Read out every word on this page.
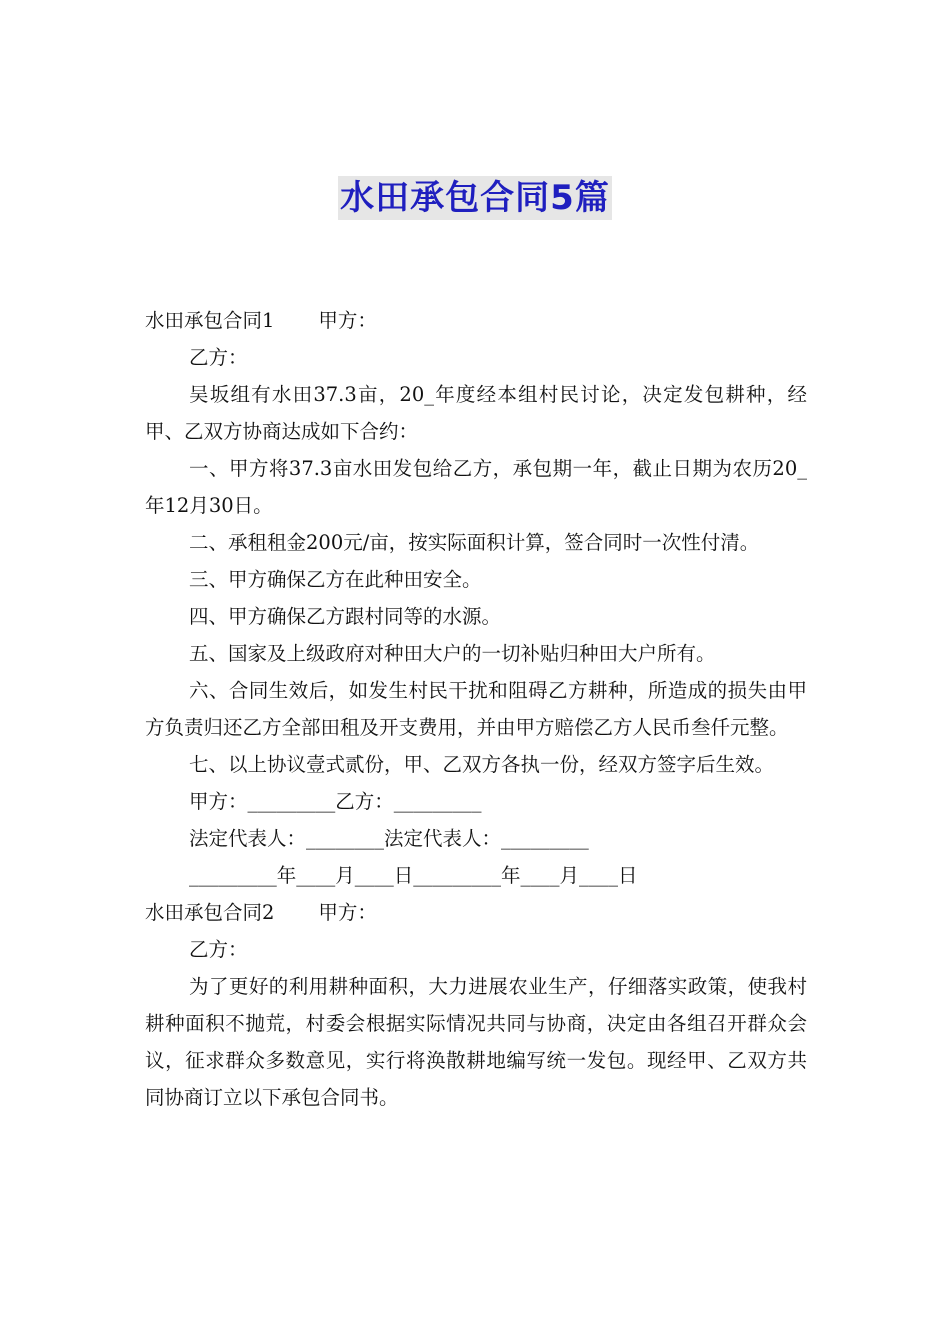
水田承包合同5篇

水田承包合同1 甲方：

乙方：

吴坂组有水田37.3亩，20_年度经本组村民讨论，决定发包耕种，经甲、乙双方协商达成如下合约：

一、甲方将37.3亩水田发包给乙方，承包期一年，截止日期为农历20_年12月30日。

二、承租租金200元/亩，按实际面积计算，签合同时一次性付清。

三、甲方确保乙方在此种田安全。

四、甲方确保乙方跟村同等的水源。

五、国家及上级政府对种田大户的一切补贴归种田大户所有。

六、合同生效后，如发生村民干扰和阻碍乙方耕种，所造成的损失由甲方负责归还乙方全部田租及开支费用，并由甲方赔偿乙方人民币叁仟元整。

七、以上协议壹式贰份，甲、乙双方各执一份，经双方签字后生效。

甲方：_________乙方：_________

法定代表人：________法定代表人：_________

_________年____月____日_________年____月____日

水田承包合同2 甲方：

乙方：

为了更好的利用耕种面积，大力进展农业生产，仔细落实政策，使我村耕种面积不抛荒，村委会根据实际情况共同与协商，决定由各组召开群众会议，征求群众多数意见，实行将涣散耕地编写统一发包。现经甲、乙双方共同协商订立以下承包合同书。
